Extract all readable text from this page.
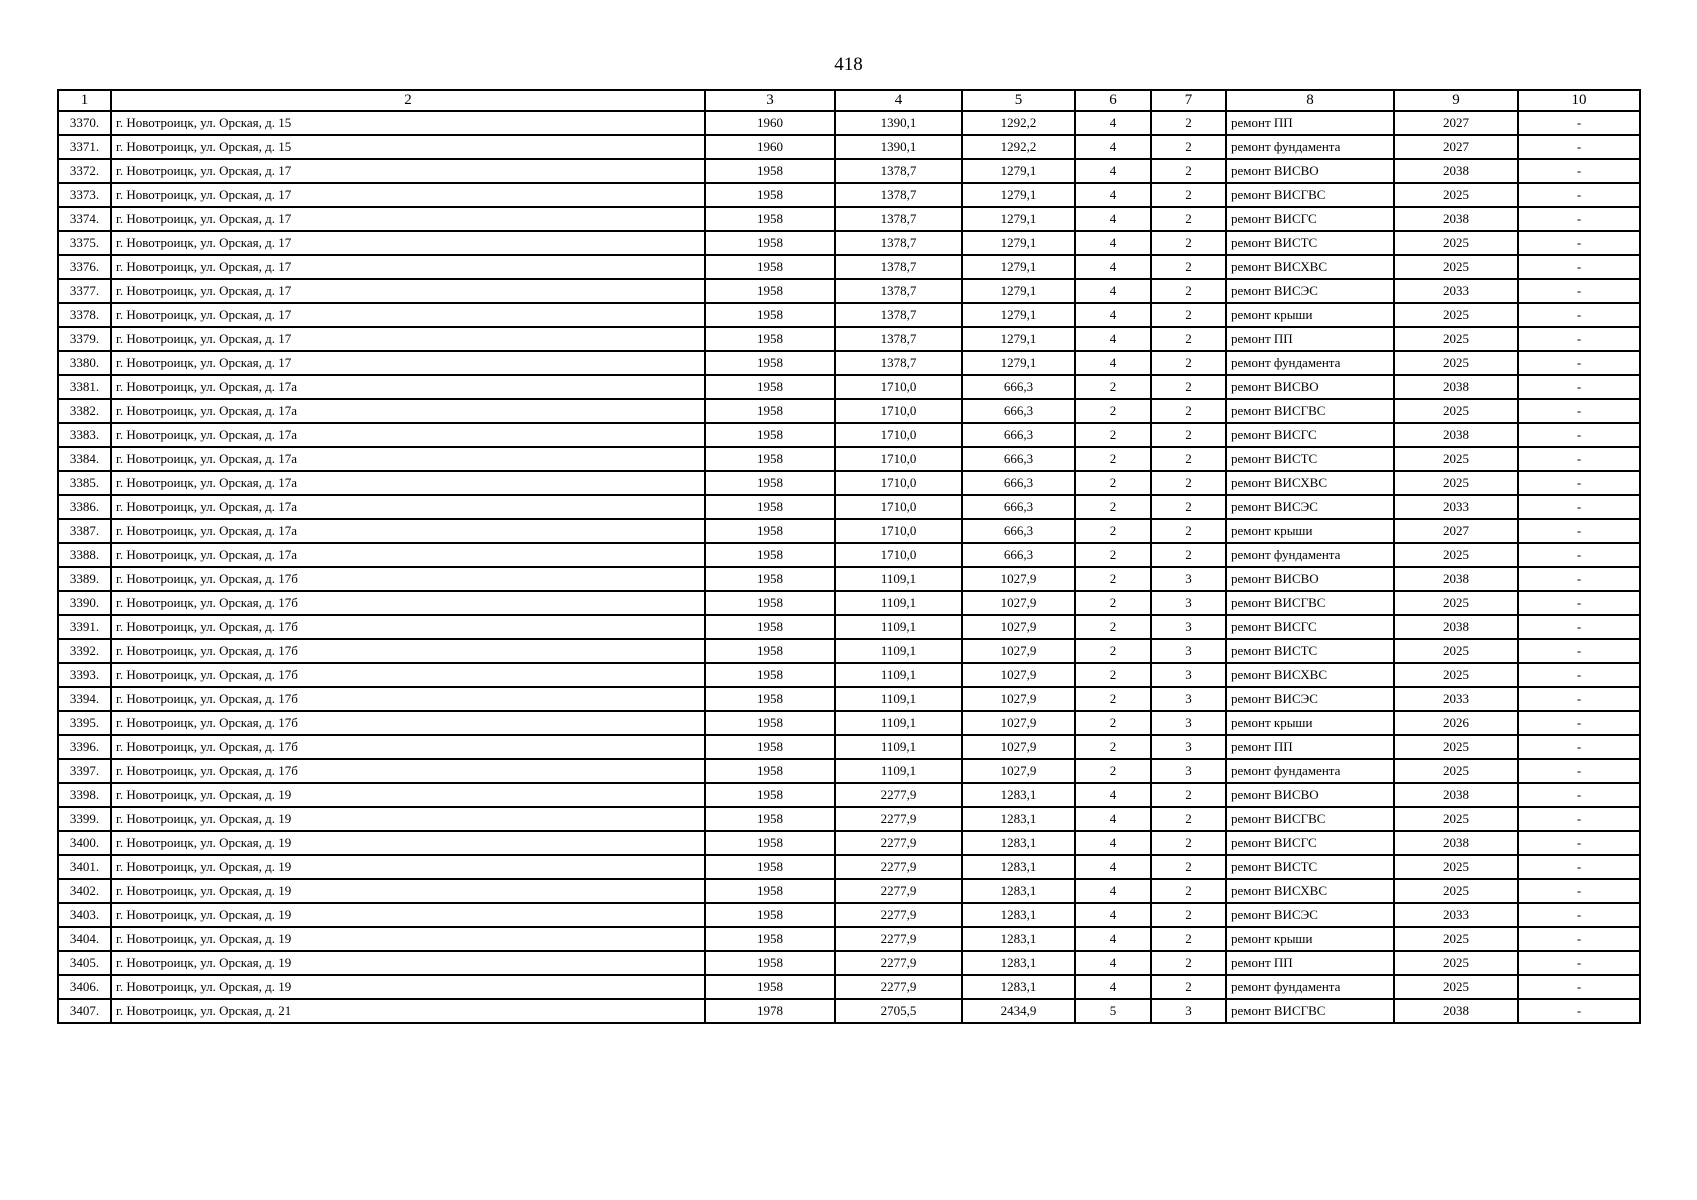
418
1	2	3	4	5	6	7	8	9	10
3370.	г. Новотроицк, ул. Орская, д. 15	1960	1390,1	1292,2	4	2	ремонт ПП	2027	-
3371.	г. Новотроицк, ул. Орская, д. 15	1960	1390,1	1292,2	4	2	ремонт фундамента	2027	-
3372.	г. Новотроицк, ул. Орская, д. 17	1958	1378,7	1279,1	4	2	ремонт ВИСВО	2038	-
3373.	г. Новотроицк, ул. Орская, д. 17	1958	1378,7	1279,1	4	2	ремонт ВИСГВС	2025	-
3374.	г. Новотроицк, ул. Орская, д. 17	1958	1378,7	1279,1	4	2	ремонт ВИСГС	2038	-
3375.	г. Новотроицк, ул. Орская, д. 17	1958	1378,7	1279,1	4	2	ремонт ВИСТС	2025	-
3376.	г. Новотроицк, ул. Орская, д. 17	1958	1378,7	1279,1	4	2	ремонт ВИСХВС	2025	-
3377.	г. Новотроицк, ул. Орская, д. 17	1958	1378,7	1279,1	4	2	ремонт ВИСЭС	2033	-
3378.	г. Новотроицк, ул. Орская, д. 17	1958	1378,7	1279,1	4	2	ремонт крыши	2025	-
3379.	г. Новотроицк, ул. Орская, д. 17	1958	1378,7	1279,1	4	2	ремонт ПП	2025	-
3380.	г. Новотроицк, ул. Орская, д. 17	1958	1378,7	1279,1	4	2	ремонт фундамента	2025	-
3381.	г. Новотроицк, ул. Орская, д. 17а	1958	1710,0	666,3	2	2	ремонт ВИСВО	2038	-
3382.	г. Новотроицк, ул. Орская, д. 17а	1958	1710,0	666,3	2	2	ремонт ВИСГВС	2025	-
3383.	г. Новотроицк, ул. Орская, д. 17а	1958	1710,0	666,3	2	2	ремонт ВИСГС	2038	-
3384.	г. Новотроицк, ул. Орская, д. 17а	1958	1710,0	666,3	2	2	ремонт ВИСТС	2025	-
3385.	г. Новотроицк, ул. Орская, д. 17а	1958	1710,0	666,3	2	2	ремонт ВИСХВС	2025	-
3386.	г. Новотроицк, ул. Орская, д. 17а	1958	1710,0	666,3	2	2	ремонт ВИСЭС	2033	-
3387.	г. Новотроицк, ул. Орская, д. 17а	1958	1710,0	666,3	2	2	ремонт крыши	2027	-
3388.	г. Новотроицк, ул. Орская, д. 17а	1958	1710,0	666,3	2	2	ремонт фундамента	2025	-
3389.	г. Новотроицк, ул. Орская, д. 17б	1958	1109,1	1027,9	2	3	ремонт ВИСВО	2038	-
3390.	г. Новотроицк, ул. Орская, д. 17б	1958	1109,1	1027,9	2	3	ремонт ВИСГВС	2025	-
3391.	г. Новотроицк, ул. Орская, д. 17б	1958	1109,1	1027,9	2	3	ремонт ВИСГС	2038	-
3392.	г. Новотроицк, ул. Орская, д. 17б	1958	1109,1	1027,9	2	3	ремонт ВИСТС	2025	-
3393.	г. Новотроицк, ул. Орская, д. 17б	1958	1109,1	1027,9	2	3	ремонт ВИСХВС	2025	-
3394.	г. Новотроицк, ул. Орская, д. 17б	1958	1109,1	1027,9	2	3	ремонт ВИСЭС	2033	-
3395.	г. Новотроицк, ул. Орская, д. 17б	1958	1109,1	1027,9	2	3	ремонт крыши	2026	-
3396.	г. Новотроицк, ул. Орская, д. 17б	1958	1109,1	1027,9	2	3	ремонт ПП	2025	-
3397.	г. Новотроицк, ул. Орская, д. 17б	1958	1109,1	1027,9	2	3	ремонт фундамента	2025	-
3398.	г. Новотроицк, ул. Орская, д. 19	1958	2277,9	1283,1	4	2	ремонт ВИСВО	2038	-
3399.	г. Новотроицк, ул. Орская, д. 19	1958	2277,9	1283,1	4	2	ремонт ВИСГВС	2025	-
3400.	г. Новотроицк, ул. Орская, д. 19	1958	2277,9	1283,1	4	2	ремонт ВИСГС	2038	-
3401.	г. Новотроицк, ул. Орская, д. 19	1958	2277,9	1283,1	4	2	ремонт ВИСТС	2025	-
3402.	г. Новотроицк, ул. Орская, д. 19	1958	2277,9	1283,1	4	2	ремонт ВИСХВС	2025	-
3403.	г. Новотроицк, ул. Орская, д. 19	1958	2277,9	1283,1	4	2	ремонт ВИСЭС	2033	-
3404.	г. Новотроицк, ул. Орская, д. 19	1958	2277,9	1283,1	4	2	ремонт крыши	2025	-
3405.	г. Новотроицк, ул. Орская, д. 19	1958	2277,9	1283,1	4	2	ремонт ПП	2025	-
3406.	г. Новотроицк, ул. Орская, д. 19	1958	2277,9	1283,1	4	2	ремонт фундамента	2025	-
3407.	г. Новотроицк, ул. Орская, д. 21	1978	2705,5	2434,9	5	3	ремонт ВИСГВС	2038	-
